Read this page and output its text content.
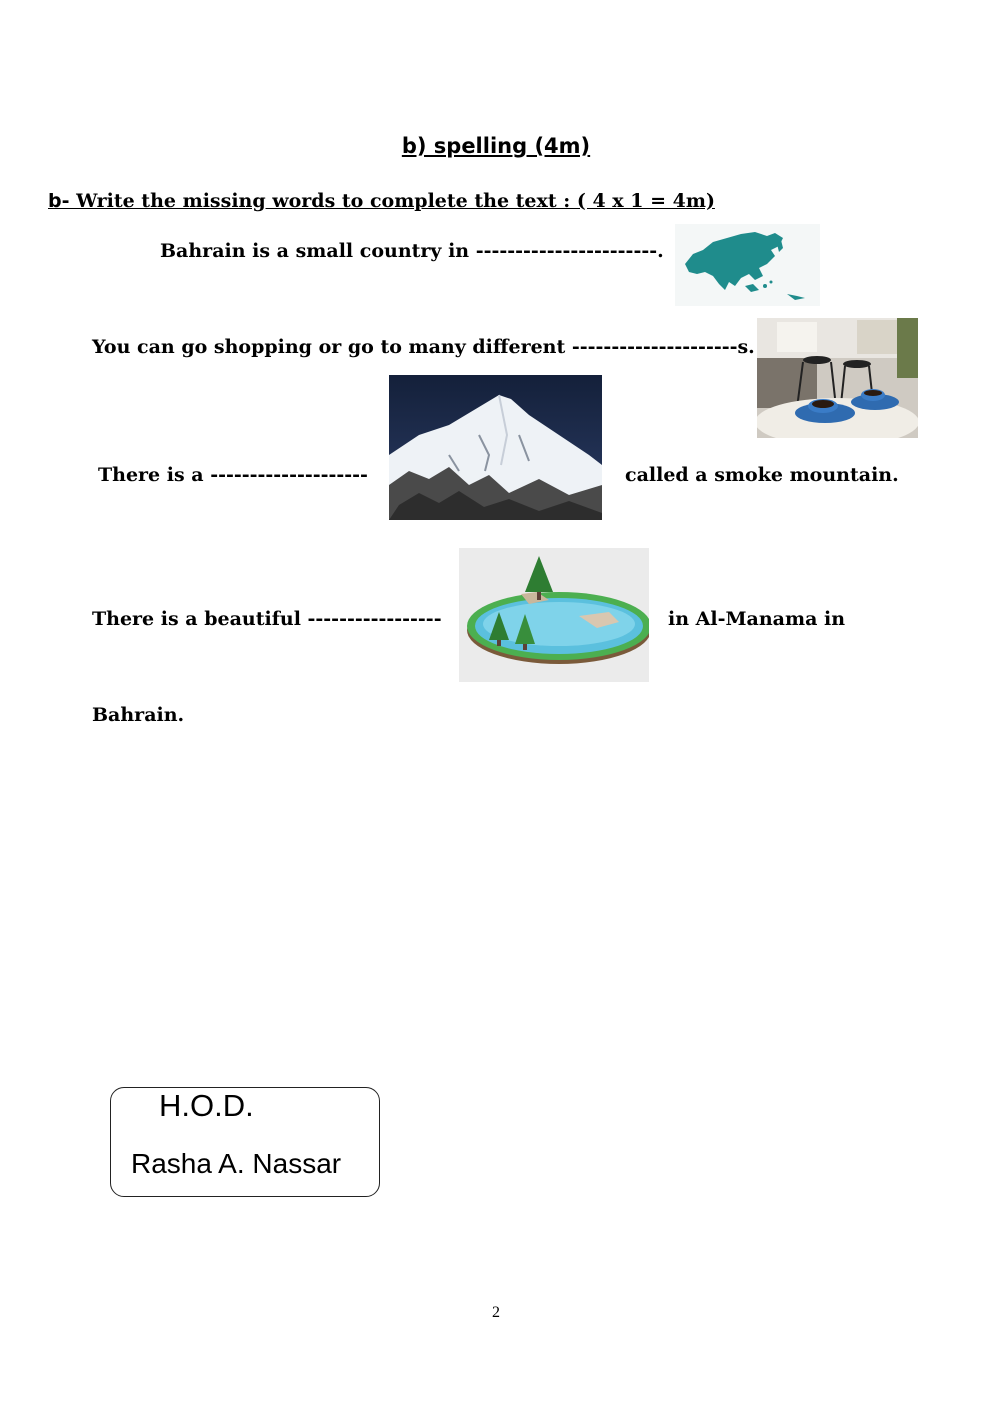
b) spelling (4m)
b- Write the missing words to complete the text : ( 4 x 1 = 4m)
Bahrain is a small country in -----------------------.
You can go shopping or go to many different ---------------------s.
There is a --------------------	called a smoke mountain.
There is a beautiful -----------------	in Al-Manama in
Bahrain.
H.O.D.
Rasha A. Nassar
2
